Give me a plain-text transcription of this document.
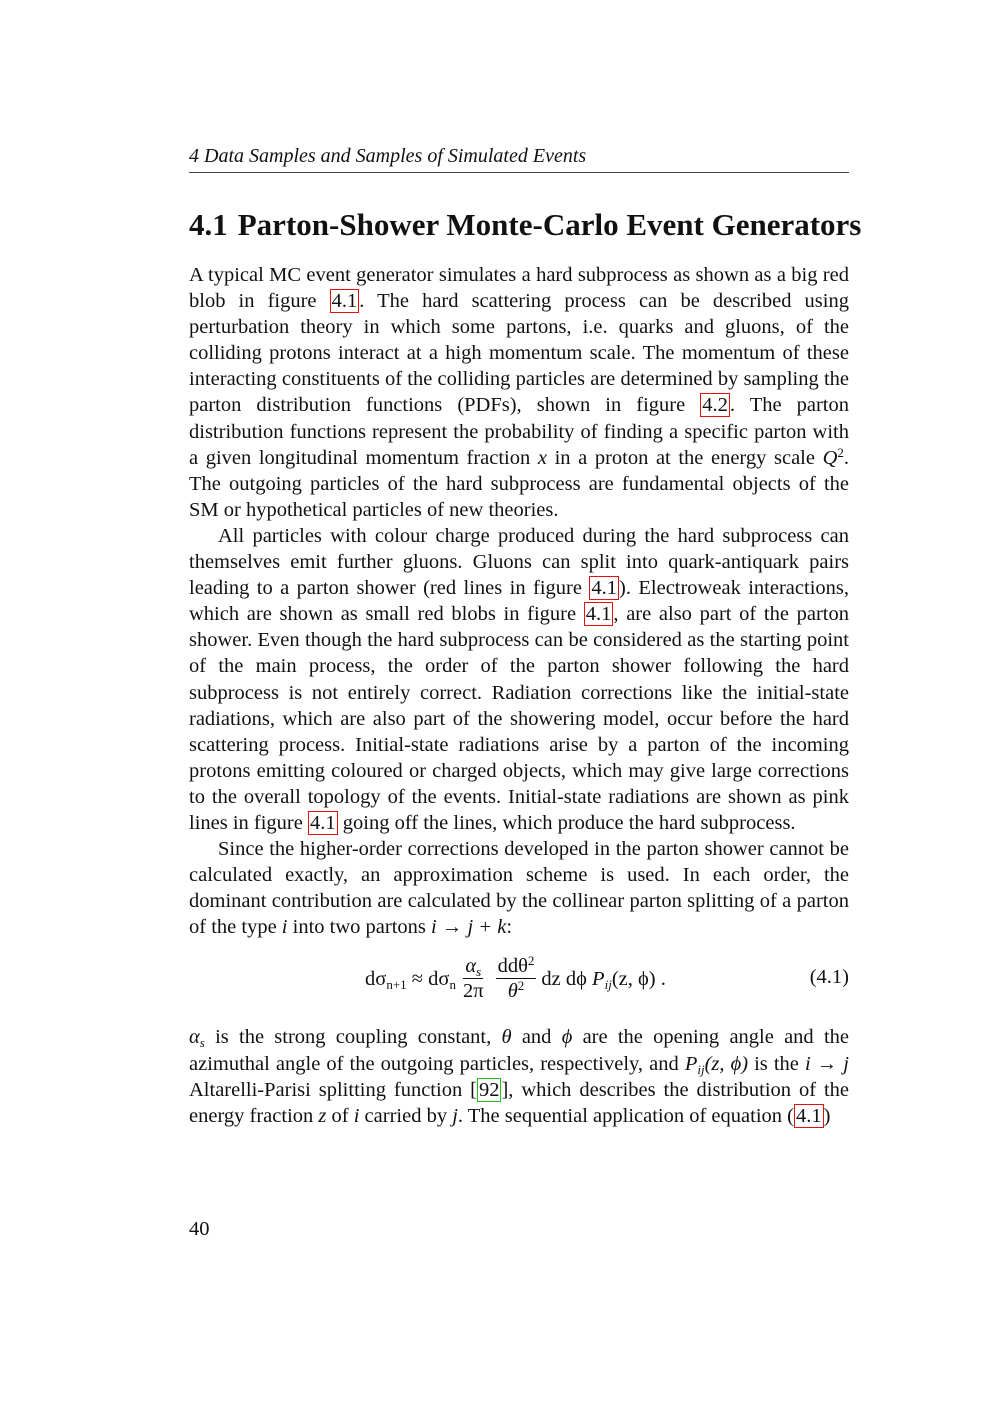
4 Data Samples and Samples of Simulated Events
4.1 Parton-Shower Monte-Carlo Event Generators

A typical MC event generator simulates a hard subprocess as shown as a big red blob in figure 4.1. The hard scattering process can be described using perturbation theory in which some partons, i.e. quarks and gluons, of the colliding protons interact at a high momentum scale. The momentum of these interacting constituents of the colliding particles are determined by sampling the parton distribution functions (PDFs), shown in figure 4.2. The parton distribution functions represent the probability of finding a specific parton with a given longitudinal momentum fraction x in a proton at the energy scale $Q^2$. The outgoing particles of the hard subprocess are fundamental objects of the SM or hypothetical particles of new theories.

All particles with colour charge produced during the hard subprocess can themselves emit further gluons. Gluons can split into quark-antiquark pairs leading to a parton shower (red lines in figure 4.1). Electroweak interactions, which are shown as small red blobs in figure 4.1, are also part of the parton shower. Even though the hard subprocess can be considered as the starting point of the main process, the order of the parton shower following the hard subprocess is not entirely correct. Radiation corrections like the initial-state radiations, which are also part of the showering model, occur before the hard scattering process. Initial-state radiations arise by a parton of the incoming protons emitting coloured or charged objects, which may give large corrections to the overall topology of the events. Initial-state radiations are shown as pink lines in figure 4.1 going off the lines, which produce the hard subprocess.

Since the higher-order corrections developed in the parton shower cannot be calculated exactly, an approximation scheme is used. In each order, the dominant contribution are calculated by the collinear parton splitting of a parton of the type i into two partons i → j + k:

$d\sigma_{n+1} \approx d\sigma_n \frac{\alpha_s}{2\pi} \frac{dd\theta^2}{\theta^2}$ dz dϕ $P_{ij}(z$, ϕ) .	(4.1)

$\alpha_s$ is the strong coupling constant, θ and ϕ are the opening angle and the azimuthal angle of the outgoing particles, respectively, and $P_{ij}(z$, ϕ) is the i → j Altarelli-Parisi splitting function [92], which describes the distribution of the energy fraction z of i carried by j. The sequential application of equation (4.1)

40
